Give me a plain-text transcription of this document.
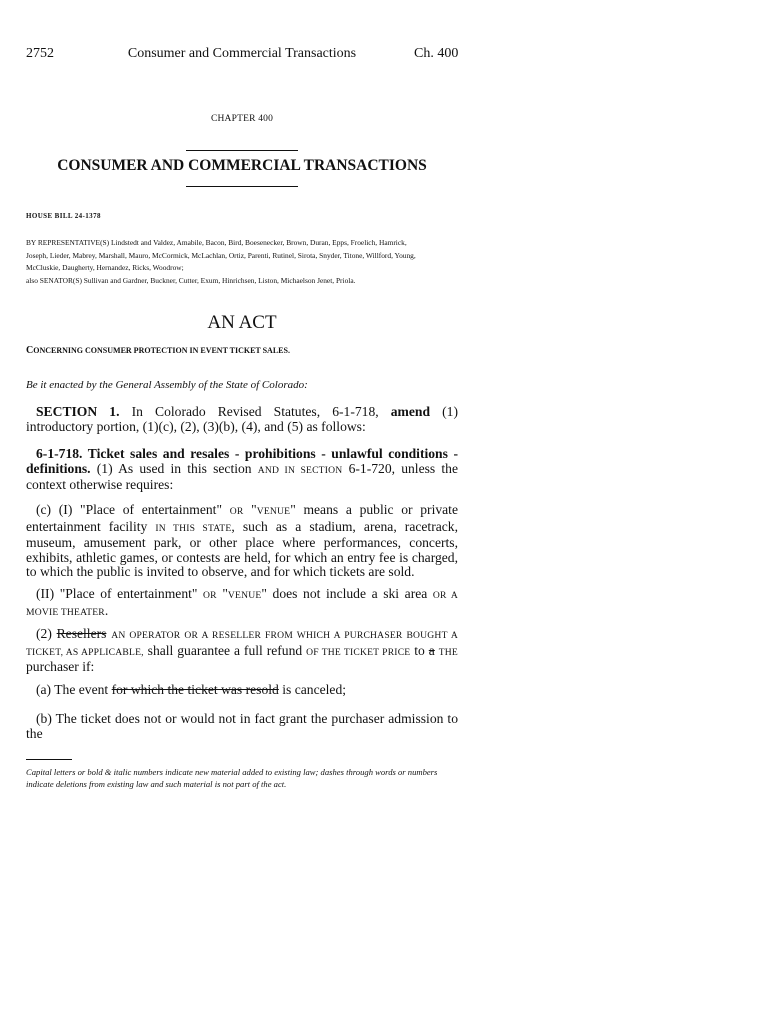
2752	Consumer and Commercial Transactions	Ch. 400
CHAPTER 400
CONSUMER AND COMMERCIAL TRANSACTIONS
HOUSE BILL 24-1378

BY REPRESENTATIVE(S) Lindstedt and Valdez, Amabile, Bacon, Bird, Boesenecker, Brown, Duran, Epps, Froelich, Hamrick,

Joseph, Lieder, Mabrey, Marshall, Mauro, McCormick, McLachlan, Ortiz, Parenti, Rutinel, Sirota, Snyder, Titone, Willford, Young,

McCluskie, Daugherty, Hernandez, Ricks, Woodrow;

also SENATOR(S) Sullivan and Gardner, Buckner, Cutter, Exum, Hinrichsen, Liston, Michaelson Jenet, Priola.

AN ACT
CONCERNING CONSUMER PROTECTION IN EVENT TICKET SALES.
Be it enacted by the General Assembly of the State of Colorado:

SECTION 1. In Colorado Revised Statutes, 6-1-718, amend (1) introductory portion, (1)(c), (2), (3)(b), (4), and (5) as follows:

6-1-718. Ticket sales and resales - prohibitions - unlawful conditions - definitions. (1) As used in this section AND IN SECTION 6-1-720, unless the context otherwise requires:

(c) (I) "Place of entertainment" OR "VENUE" means a public or private entertainment facility IN THIS STATE, such as a stadium, arena, racetrack, museum, amusement park, or other place where performances, concerts, exhibits, athletic games, or contests are held, for which an entry fee is charged, to which the public is invited to observe, and for which tickets are sold.

(II) "Place of entertainment" OR "VENUE" does not include a ski area OR A MOVIE THEATER.

(2) Resellers AN OPERATOR OR A RESELLER FROM WHICH A PURCHASER BOUGHT A TICKET, AS APPLICABLE, shall guarantee a full refund OF THE TICKET PRICE to a THE purchaser if:

(a) The event for which the ticket was resold is canceled;

(b) The ticket does not or would not in fact grant the purchaser admission to the

Capital letters or bold & italic numbers indicate new material added to existing law; dashes through words or numbers indicate deletions from existing law and such material is not part of the act.
